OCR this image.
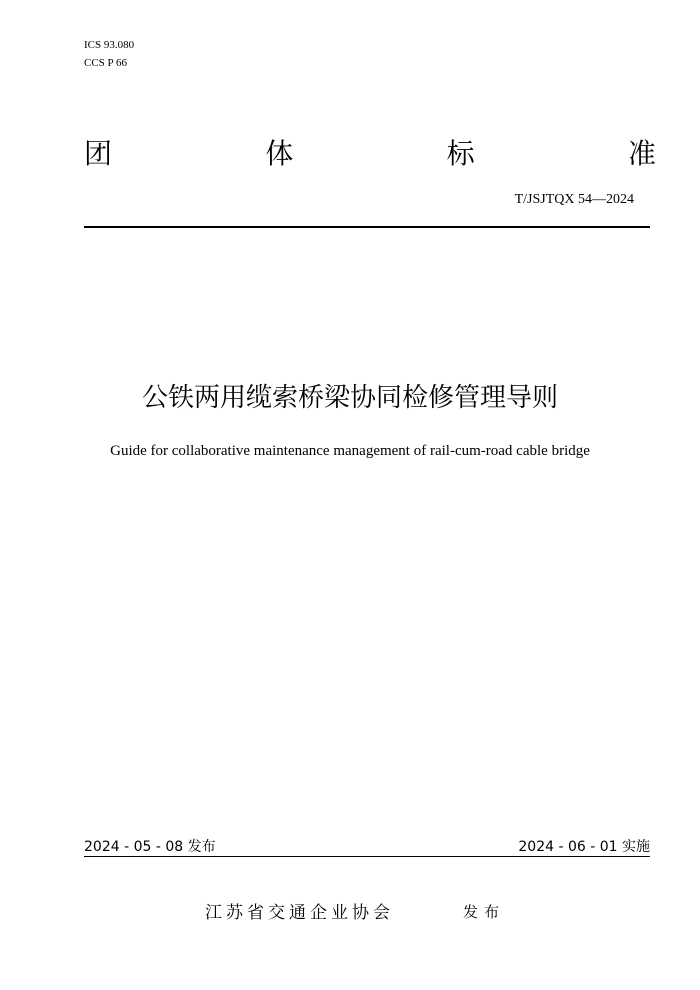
ICS 93.080
CCS P 66
团	体	标	准
T/JSJTQX 54—2024
公铁两用缆索桥梁协同检修管理导则
Guide for collaborative maintenance management of rail-cum-road cable bridge
2024 - 05 - 08 发布	2024 - 06 - 01 实施
江苏省交通企业协会	发布
